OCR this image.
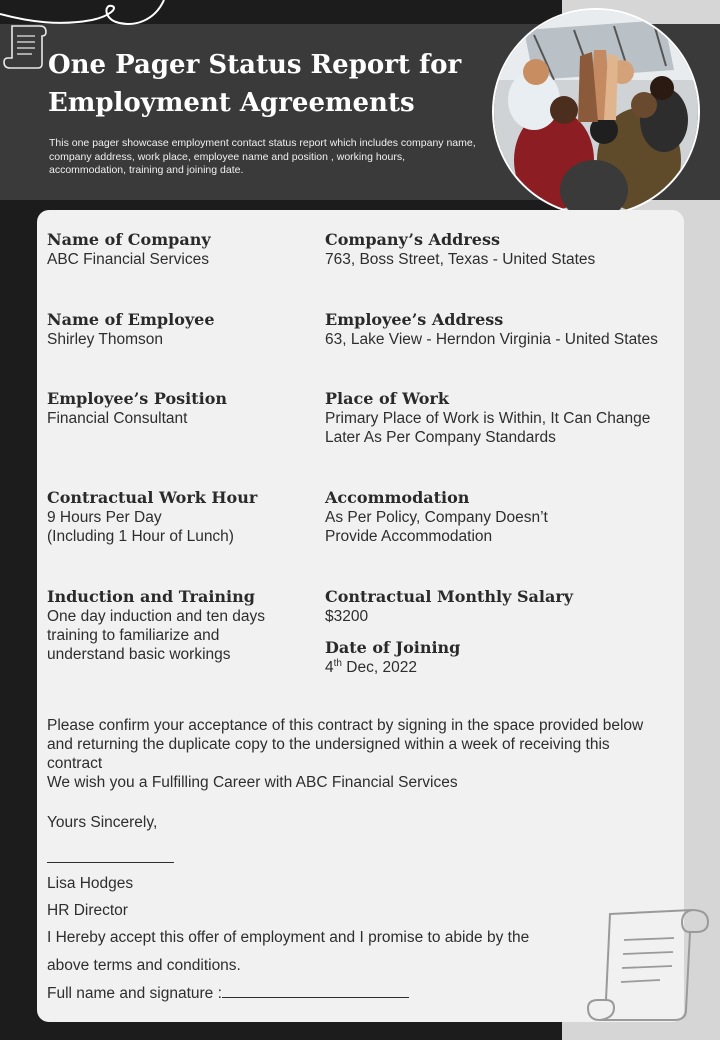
One Pager Status Report for Employment Agreements

This one pager showcase employment contact status report which includes company name, company address, work place, employee name and position , working hours, accommodation, training and joining date.

Name of Company
ABC Financial Services
Company’s Address
763, Boss Street, Texas - United States
Name of Employee
Shirley Thomson
Employee’s Address
63, Lake View - Herndon Virginia - United States
Employee’s Position
Financial Consultant
Place of Work
Primary Place of Work is Within, It Can Change
Later As Per Company Standards
Contractual Work Hour
9 Hours Per Day
(Including 1 Hour of Lunch)
Accommodation
As Per Policy, Company Doesn’t
Provide Accommodation
Induction and Training
One day induction and ten days
training to familiarize and
understand basic workings
Contractual Monthly Salary
$3200
Date of Joining
4th Dec, 2022

Please confirm your acceptance of this contract by signing in the space provided below and returning the duplicate copy to the undersigned within a week of receiving this contract

We wish you a Fulfilling Career with ABC Financial Services
Yours Sincerely,
Lisa Hodges
HR Director
I Hereby accept this offer of employment and I promise to abide by the
above terms and conditions.
Full name and signature :
